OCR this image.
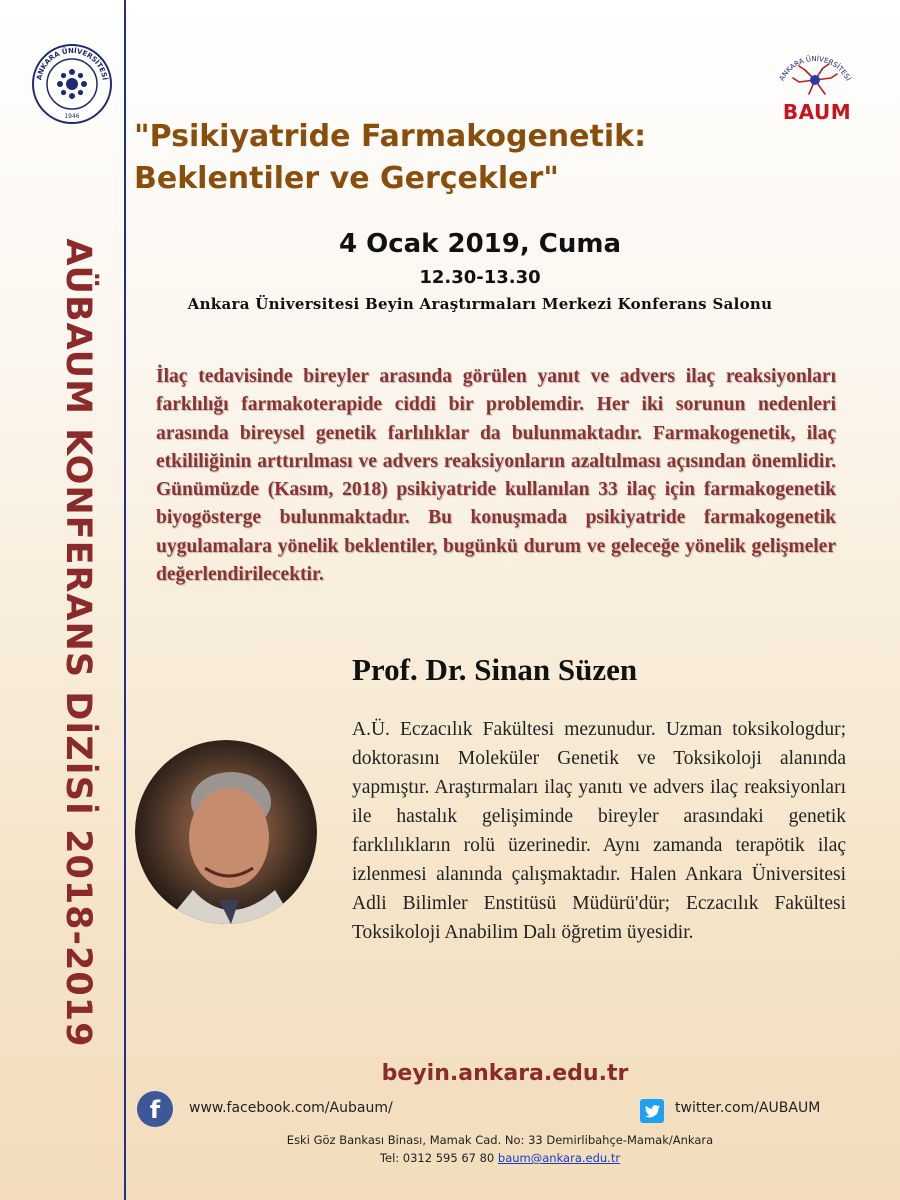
AÜBAUM KONFERANS DİZİSİ 2018-2019
ANKARA ÜNİVERSİTESİ
1946
ANKARA ÜNİVERSİTESİ
BAUM
"Psikiyatride Farmakogenetik:
Beklentiler ve Gerçekler"
4 Ocak 2019, Cuma
12.30-13.30
Ankara Üniversitesi Beyin Araştırmaları Merkezi Konferans Salonu
İlaç tedavisinde bireyler arasında görülen yanıt ve advers ilaç reaksiyonları farklılığı farmakoterapide ciddi bir problemdir. Her iki sorunun nedenleri arasında bireysel genetik farlılıklar da bulunmaktadır. Farmakogenetik, ilaç etkililiğinin arttırılması ve advers reaksiyonların azaltılması açısından önemlidir. Günümüzde (Kasım, 2018) psikiyatride kullanılan 33 ilaç için farmakogenetik biyogösterge bulunmaktadır. Bu konuşmada psikiyatride farmakogenetik uygulamalara yönelik beklentiler, bugünkü durum ve geleceğe yönelik gelişmeler değerlendirilecektir.
Prof. Dr. Sinan Süzen
A.Ü. Eczacılık Fakültesi mezunudur. Uzman toksikologdur; doktorasını Moleküler Genetik ve Toksikoloji alanında yapmıştır. Araştırmaları ilaç yanıtı ve advers ilaç reaksiyonları ile hastalık gelişiminde bireyler arasındaki genetik farklılıkların rolü üzerinedir. Aynı zamanda terapötik ilaç izlenmesi alanında çalışmaktadır. Halen Ankara Üniversitesi Adli Bilimler Enstitüsü Müdürü'dür; Eczacılık Fakültesi Toksikoloji Anabilim Dalı öğretim üyesidir.
beyin.ankara.edu.tr
f	www.facebook.com/Aubaum/	twitter.com/AUBAUM
Eski Göz Bankası Binası, Mamak Cad. No: 33 Demirlibahçe-Mamak/Ankara
Tel: 0312 595 67 80 baum@ankara.edu.tr
